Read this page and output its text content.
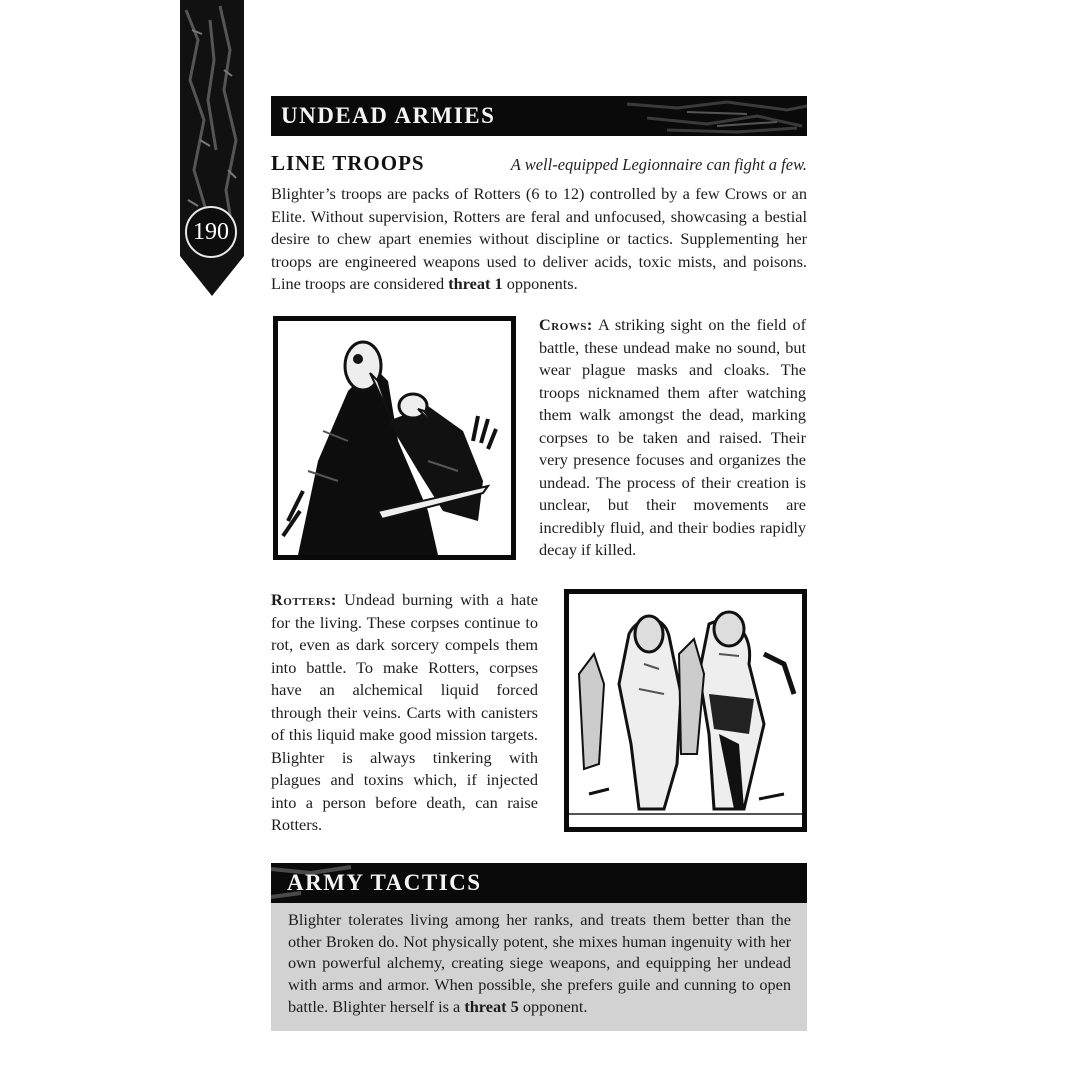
190
UNDEAD ARMIES
LINE TROOPS	A well-equipped Legionnaire can fight a few.

Blighter’s troops are packs of Rotters (6 to 12) controlled by a few Crows or an Elite. Without supervision, Rotters are feral and unfocused, showcasing a bestial desire to chew apart enemies without discipline or tactics. Supplementing her troops are engineered weapons used to deliver acids, toxic mists, and poisons. Line troops are considered threat 1 opponents.

Crows: A striking sight on the field of battle, these undead make no sound, but wear plague masks and cloaks. The troops nicknamed them after watching them walk amongst the dead, marking corpses to be taken and raised. Their very presence focuses and organizes the undead. The process of their creation is unclear, but their movements are incredibly fluid, and their bodies rapidly decay if killed.

Rotters: Undead burning with a hate for the living. These corpses continue to rot, even as dark sorcery compels them into battle. To make Rotters, corpses have an alchemical liquid forced through their veins. Carts with canisters of this liquid make good mission targets. Blighter is always tinkering with plagues and toxins which, if injected into a person before death, can raise Rotters.

ARMY TACTICS

Blighter tolerates living among her ranks, and treats them better than the other Broken do. Not physically potent, she mixes human ingenuity with her own powerful alchemy, creating siege weapons, and equipping her undead with arms and armor. When possible, she prefers guile and cunning to open battle. Blighter herself is a threat 5 opponent.
